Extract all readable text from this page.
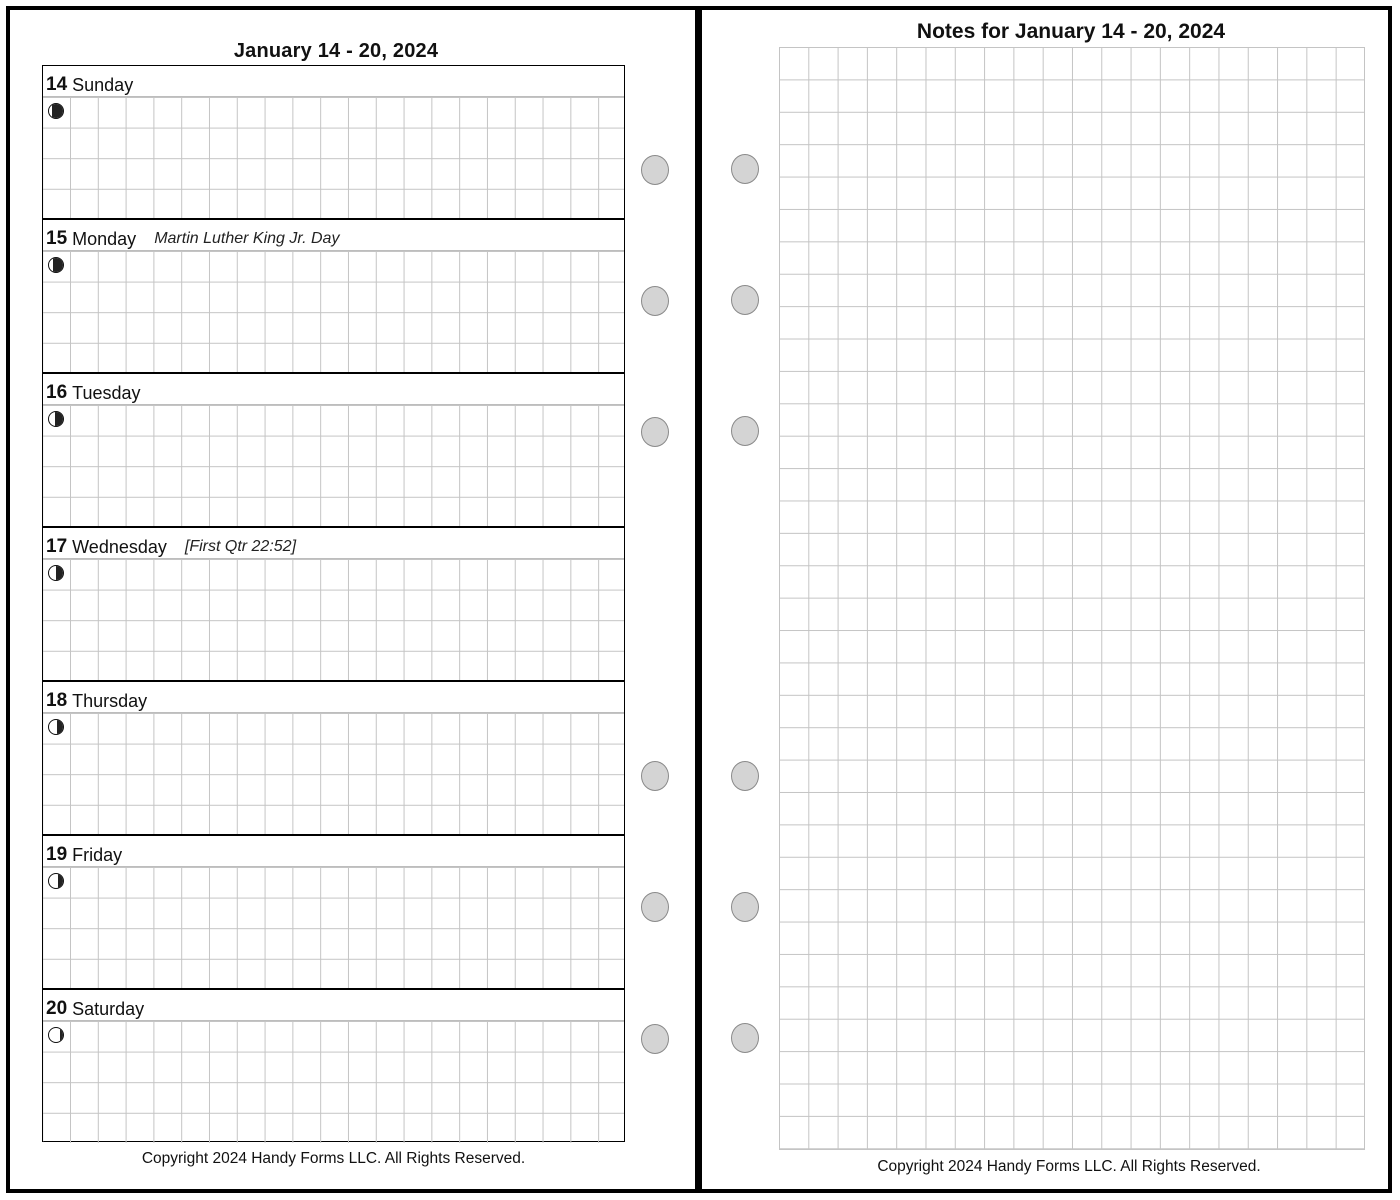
January 14 - 20, 2024
14 Sunday
15 Monday Martin Luther King Jr. Day
16 Tuesday
17 Wednesday [First Qtr 22:52]
18 Thursday
19 Friday
20 Saturday
Copyright 2024 Handy Forms LLC. All Rights Reserved.
Notes for January 14 - 20, 2024
Copyright 2024 Handy Forms LLC. All Rights Reserved.
